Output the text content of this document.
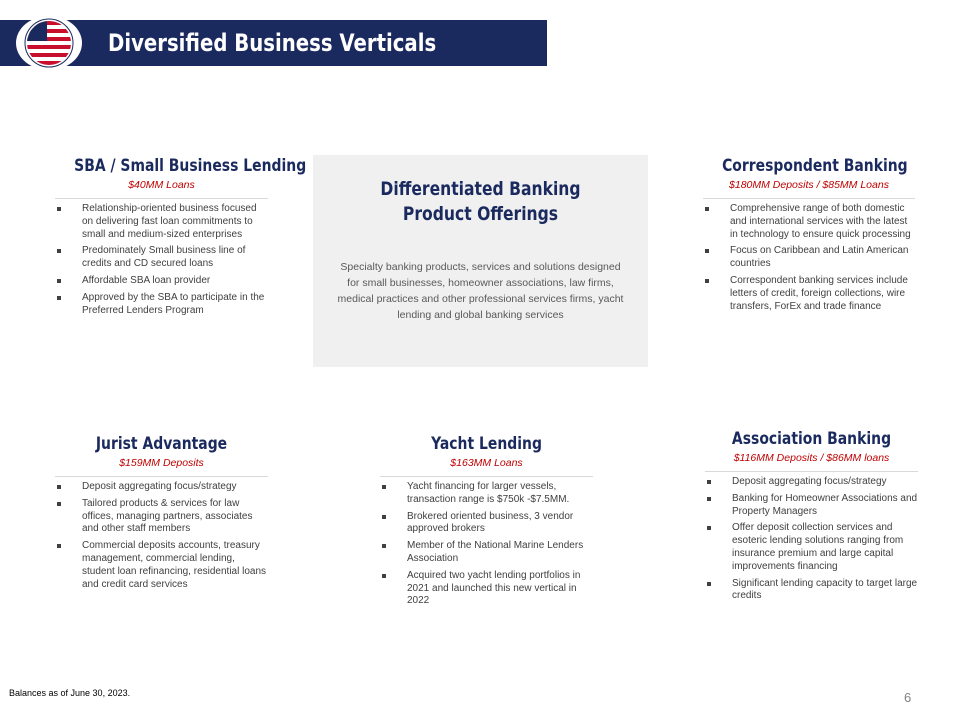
Diversified Business Verticals
SBA / Small Business Lending
$40MM Loans
Relationship-oriented business focused on delivering fast loan commitments to small and medium-sized enterprises
Predominately Small business line of credits and CD secured loans
Affordable SBA loan provider
Approved by the SBA to participate in the Preferred Lenders Program
Differentiated Banking
Product Offerings
Specialty banking products, services and solutions designed for small businesses, homeowner associations, law firms, medical practices and other professional services firms, yacht lending and global banking services
Correspondent Banking
$180MM Deposits / $85MM Loans
Comprehensive range of both domestic and international services with the latest in technology to ensure quick processing
Focus on Caribbean and Latin American countries
Correspondent banking services include letters of credit, foreign collections, wire transfers, ForEx and trade finance
Jurist Advantage
$159MM Deposits
Deposit aggregating focus/strategy
Tailored products & services for law offices, managing partners, associates and other staff members
Commercial deposits accounts, treasury management, commercial lending, student loan refinancing, residential loans and credit card services
Yacht Lending
$163MM Loans
Yacht financing for larger vessels, transaction range is $750k -$7.5MM.
Brokered oriented business, 3 vendor approved brokers
Member of the National Marine Lenders Association
Acquired two yacht lending portfolios in 2021 and launched this new vertical in 2022
Association Banking
$116MM Deposits / $86MM loans
Deposit aggregating focus/strategy
Banking for Homeowner Associations and Property Managers
Offer deposit collection services and esoteric lending solutions ranging from insurance premium and large capital improvements financing
Significant lending capacity to target large credits
Balances as of June 30, 2023.	6
